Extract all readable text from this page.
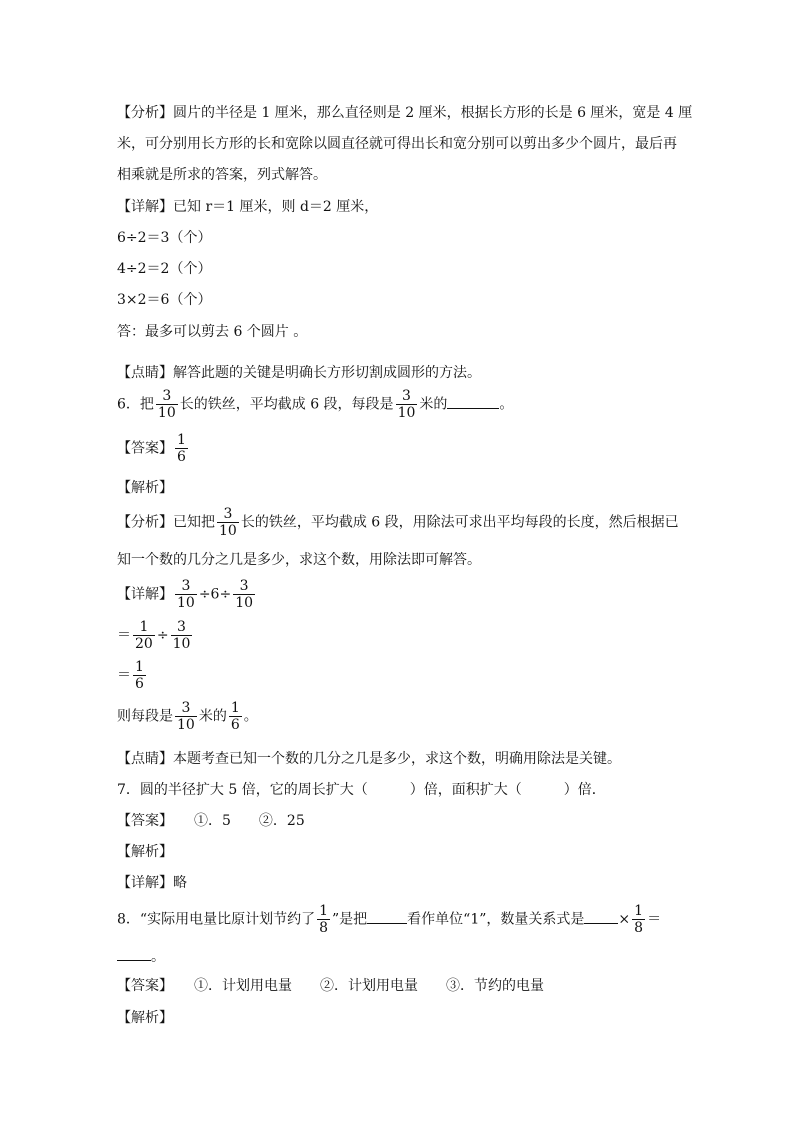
【分析】圆片的半径是 1 厘米，那么直径则是 2 厘米，根据长方形的长是 6 厘米，宽是 4 厘
米，可分别用长方形的长和宽除以圆直径就可得出长和宽分别可以剪出多少个圆片，最后再
相乘就是所求的答案，列式解答。
【详解】已知 r＝1 厘米，则 d＝2 厘米，
6÷2＝3（个）
4÷2＝2（个）
3×2＝6（个）
答：最多可以剪去 6 个圆片 。
【点睛】解答此题的关键是明确长方形切割成圆形的方法。
6．把 $\frac{3}{10}$ 长的铁丝，平均截成 6 段，每段是 $\frac{3}{10}$ 米的	。
【答案】 $\frac{1}{6}$
【解析】
【分析】已知把 $\frac{3}{10}$ 长的铁丝，平均截成 6 段，用除法可求出平均每段的长度，然后根据已
知一个数的几分之几是多少，求这个数，用除法即可解答。
【详解】 $\frac{3}{10} \div 6\div \frac{3}{10}$
＝ $\frac{1}{20} \div \frac{3}{10}$
＝ $\frac{1}{6}$
则每段是 $\frac{3}{10}$ 米的 $\frac{1}{6}$ 。
【点睛】本题考查已知一个数的几分之几是多少，求这个数，明确用除法是关键。
7．圆的半径扩大 5 倍，它的周长扩大（　　　）倍，面积扩大（　　　）倍．
【答案】　　①．5　　②．25
【解析】
【详解】略
8．“实际用电量比原计划节约了 $\frac{1}{8}$ ”是把	看作单位“1”，数量关系式是 × $\frac{1}{8}$ ＝
。
【答案】　　①．计划用电量　　②．计划用电量　　③．节约的电量
【解析】
